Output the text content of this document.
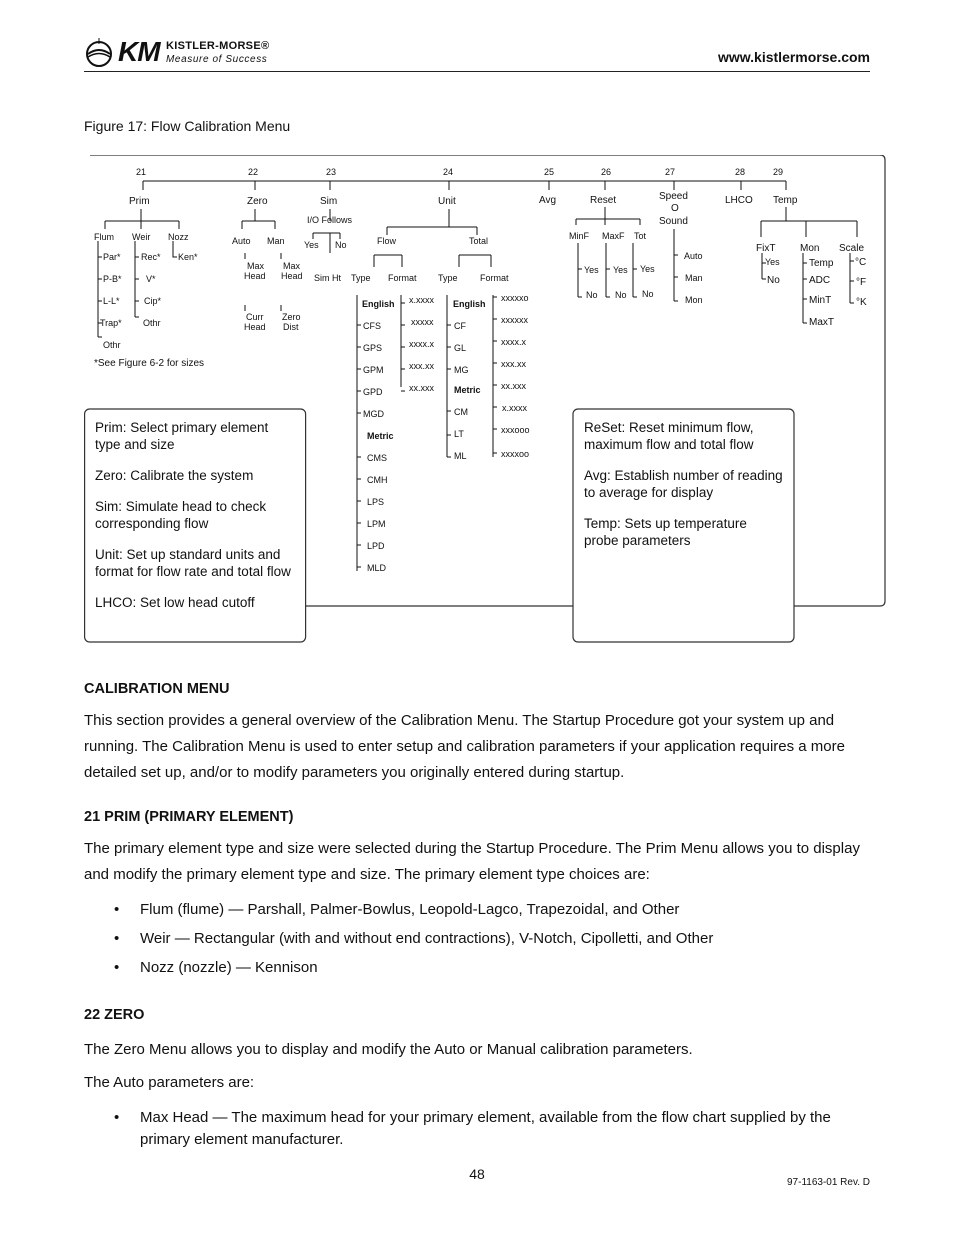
KM KISTLER-MORSE®
Measure of Success	www.kistlermorse.com
Figure 17: Flow Calibration Menu
21	22	23	24	25	26	27	28	29
Prim	Zero	Sim	Unit	Avg	Reset	Speed
O
Sound
LHCO Temp
Flum Weir Nozz
Par*
P-B*
L-L*
Trap*
Othr
Rec*
V*
Cip*
Othr
Ken*
*See Figure 6-2 for sizes
Auto Man
Max
Head
Curr
Head
Max
Head
Zero
Dist
I/O Follows
Yes No
Sim Ht
Flow	Total
Type Format Type Format
English
CFS
GPS
GPM
GPD
MGD
Metric
CMS
CMH
LPS
LPM
LPD
MLD
x.xxxx
xxxxx
xxxx.x
xxx.xx
xx.xxx
English
CF
GL
MG
Metric
CM
LT
ML
xxxxxo
xxxxxx
xxxx.x
xxx.xx
xx.xxx
x.xxxx
xxxooo
xxxxoo
MinF MaxF Tot
Yes
No
Yes
No
Yes
No
Auto
Man
Mon
FixT Mon Scale
Yes
No
Temp
ADC
MinT
MaxT
°C
°F
°K

Prim: Select primary element type and size

Zero: Calibrate the system

Sim: Simulate head to check corresponding flow

Unit: Set up standard units and format for flow rate and total flow

LHCO: Set low head cutoff

ReSet: Reset minimum flow, maximum flow and total flow

Avg: Establish number of reading to average for display

Temp: Sets up temperature probe parameters

CALIBRATION MENU
This section provides a general overview of the Calibration Menu. The Startup Procedure got your system up and running. The Calibration Menu is used to enter setup and calibration parameters if your application requires a more detailed set up, and/or to modify parameters you originally entered during startup.
21 PRIM (PRIMARY ELEMENT)
The primary element type and size were selected during the Startup Procedure. The Prim Menu allows you to display and modify the primary element type and size. The primary element type choices are:
• Flum (flume) — Parshall, Palmer-Bowlus, Leopold-Lagco, Trapezoidal, and Other
• Weir — Rectangular (with and without end contractions), V-Notch, Cipolletti, and Other
• Nozz (nozzle) — Kennison
22 ZERO
The Zero Menu allows you to display and modify the Auto or Manual calibration parameters.
The Auto parameters are:
• Max Head — The maximum head for your primary element, available from the flow chart supplied by the primary element manufacturer.
48
97-1163-01 Rev. D
